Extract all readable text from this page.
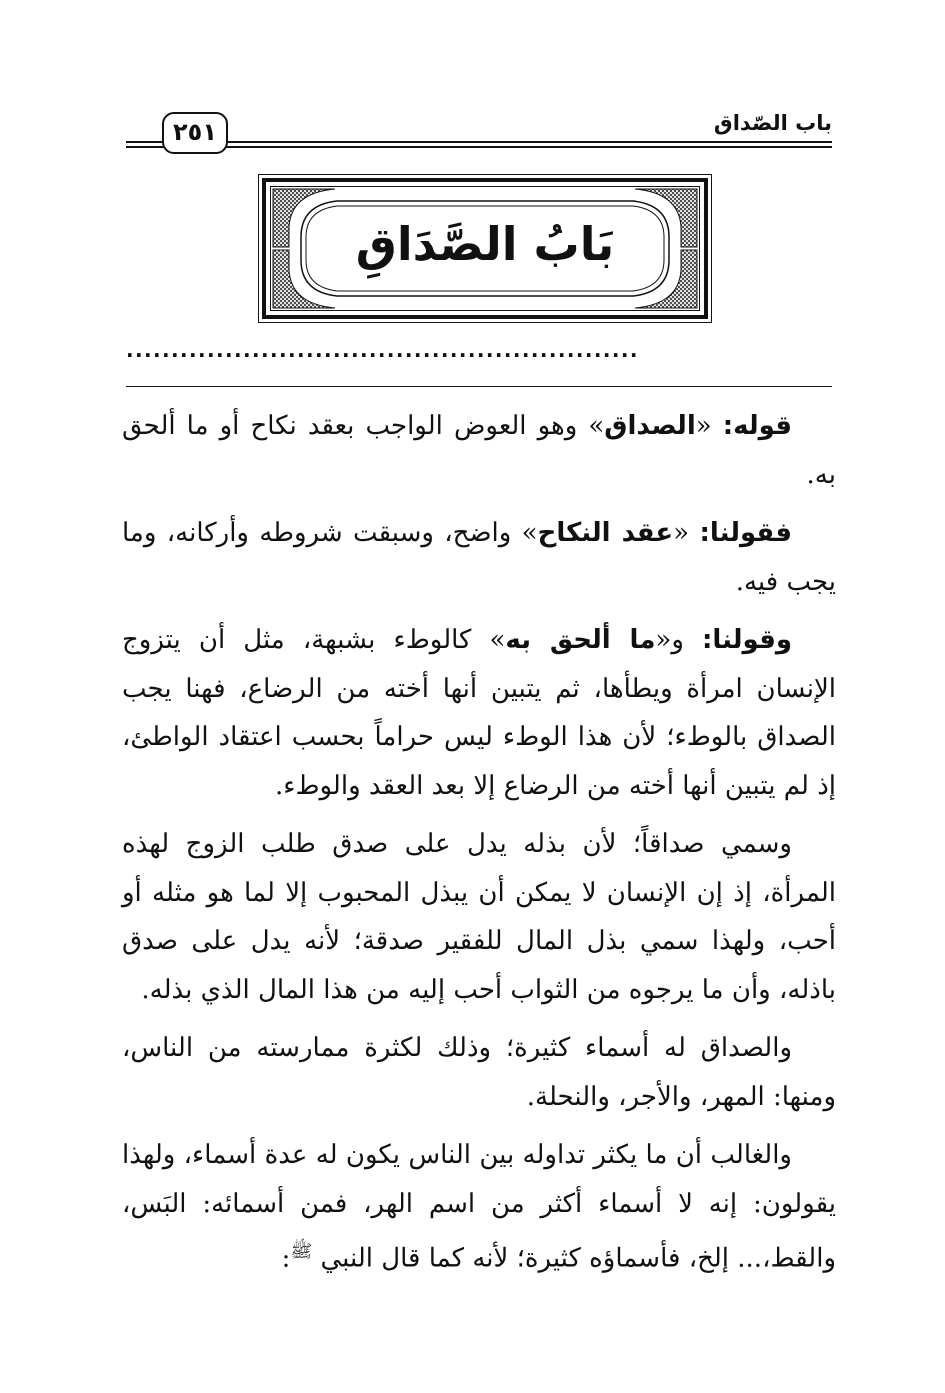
٢٥١	باب الصّداق
بَابُ الصَّدَاقِ
.........................................................

قوله: «الصداق» وهو العوض الواجب بعقد نكاح أو ما ألحق به.

فقولنا: «عقد النكاح» واضح، وسبقت شروطه وأركانه، وما يجب فيه.

وقولنا: و«ما ألحق به» كالوطء بشبهة، مثل أن يتزوج الإنسان امرأة ويطأها، ثم يتبين أنها أخته من الرضاع، فهنا يجب الصداق بالوطء؛ لأن هذا الوطء ليس حراماً بحسب اعتقاد الواطئ، إذ لم يتبين أنها أخته من الرضاع إلا بعد العقد والوطء.

وسمي صداقاً؛ لأن بذله يدل على صدق طلب الزوج لهذه المرأة، إذ إن الإنسان لا يمكن أن يبذل المحبوب إلا لما هو مثله أو أحب، ولهذا سمي بذل المال للفقير صدقة؛ لأنه يدل على صدق باذله، وأن ما يرجوه من الثواب أحب إليه من هذا المال الذي بذله.

والصداق له أسماء كثيرة؛ وذلك لكثرة ممارسته من الناس، ومنها: المهر، والأجر، والنحلة.

والغالب أن ما يكثر تداوله بين الناس يكون له عدة أسماء، ولهذا يقولون: إنه لا أسماء أكثر من اسم الهر، فمن أسمائه: البَس، والقط،... إلخ، فأسماؤه كثيرة؛ لأنه كما قال النبي $^ﷺ$:
